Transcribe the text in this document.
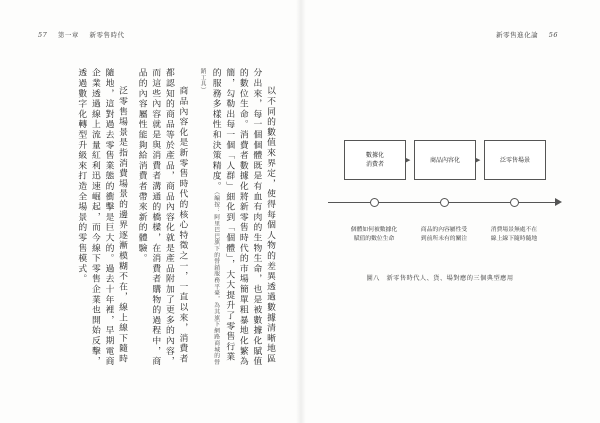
57 第一章 新零售時代	新零售進化論 56

以不同的數值來界定，使得每個人物的差異透過數據清晰地區分出來，每一個個體既是有血有肉的生物生命，也是被數據化賦值的數位生命。消費者數據化將新零售時代的市場簡單粗暴地化繁為簡，勾勒出每一個「人群」細化到「個體」，大大提升了零售行業的服務多樣性和決策精度。（編按：阿里巴巴旗下的營銷服務平臺，為其旗下網路商城的營銷工具）

商品內容化是新零售時代的核心特徵之一，一直以來，消費者都認知的商品等於產品，商品內容化就是產品附加了更多的內容，而這些內容就是與消費者溝通的橋樑，在消費者購物的過程中，商品的內容屬性能夠給消費者帶來新的體驗。

泛零售場景是指消費場景的邊界逐漸模糊不在，線上線下隨時隨地，這對過去零售業態的衝擊是巨大的。過去十年裡，早期電商企業透過線上流量紅利迅速崛起，而今線下零售企業也開始反擊，透過數字化轉型升級來打造全場景的零售模式。	數據化
消費者
▶	商品內容化 ▶	泛零售場景
個體如何被數據化
賦值的數位生命
商品的內容屬性受
到前所未有的關注
消費場景無處不在
線上線下隨時隨地
圖八　新零售時代人、貨、場對應的三個典型應用
